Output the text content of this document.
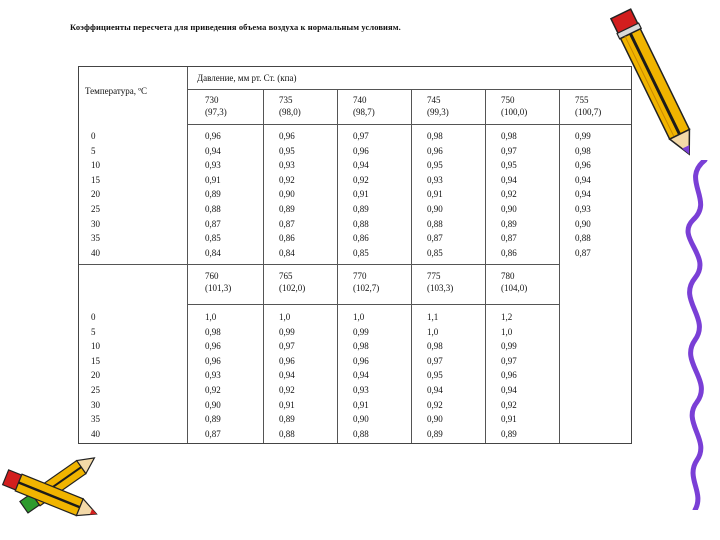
Коэффициенты пересчета для приведения объема воздуха к нормальным условиям.
Температура, ºС
Давление, мм рт. Ст. (кпа)
730
(97,3)
735
(98,0)
740
(98,7)
745
(99,3)
750
(100,0)
755
(100,7)
760
(101,3)
765
(102,0)
770
(102,7)
775
(103,3)
780
(104,0)
0
5
10
15
20
25
30
35
40
0,96
0,94
0,93
0,91
0,89
0,88
0,87
0,85
0,84
0,96
0,95
0,93
0,92
0,90
0,89
0,87
0,86
0,84
0,97
0,96
0,94
0,92
0,91
0,89
0,88
0,86
0,85
0,98
0,96
0,95
0,93
0,91
0,90
0,88
0,87
0,85
0,98
0,97
0,95
0,94
0,92
0,90
0,89
0,87
0,86
0,99
0,98
0,96
0,94
0,94
0,93
0,90
0,88
0,87
0
5
10
15
20
25
30
35
40
1,0
0,98
0,96
0,96
0,93
0,92
0,90
0,89
0,87
1,0
0,99
0,97
0,96
0,94
0,92
0,91
0,89
0,88
1,0
0,99
0,98
0,96
0,94
0,93
0,91
0,90
0,88
1,1
1,0
0,98
0,97
0,95
0,94
0,92
0,90
0,89
1,2
1,0
0,99
0,97
0,96
0,94
0,92
0,91
0,89
